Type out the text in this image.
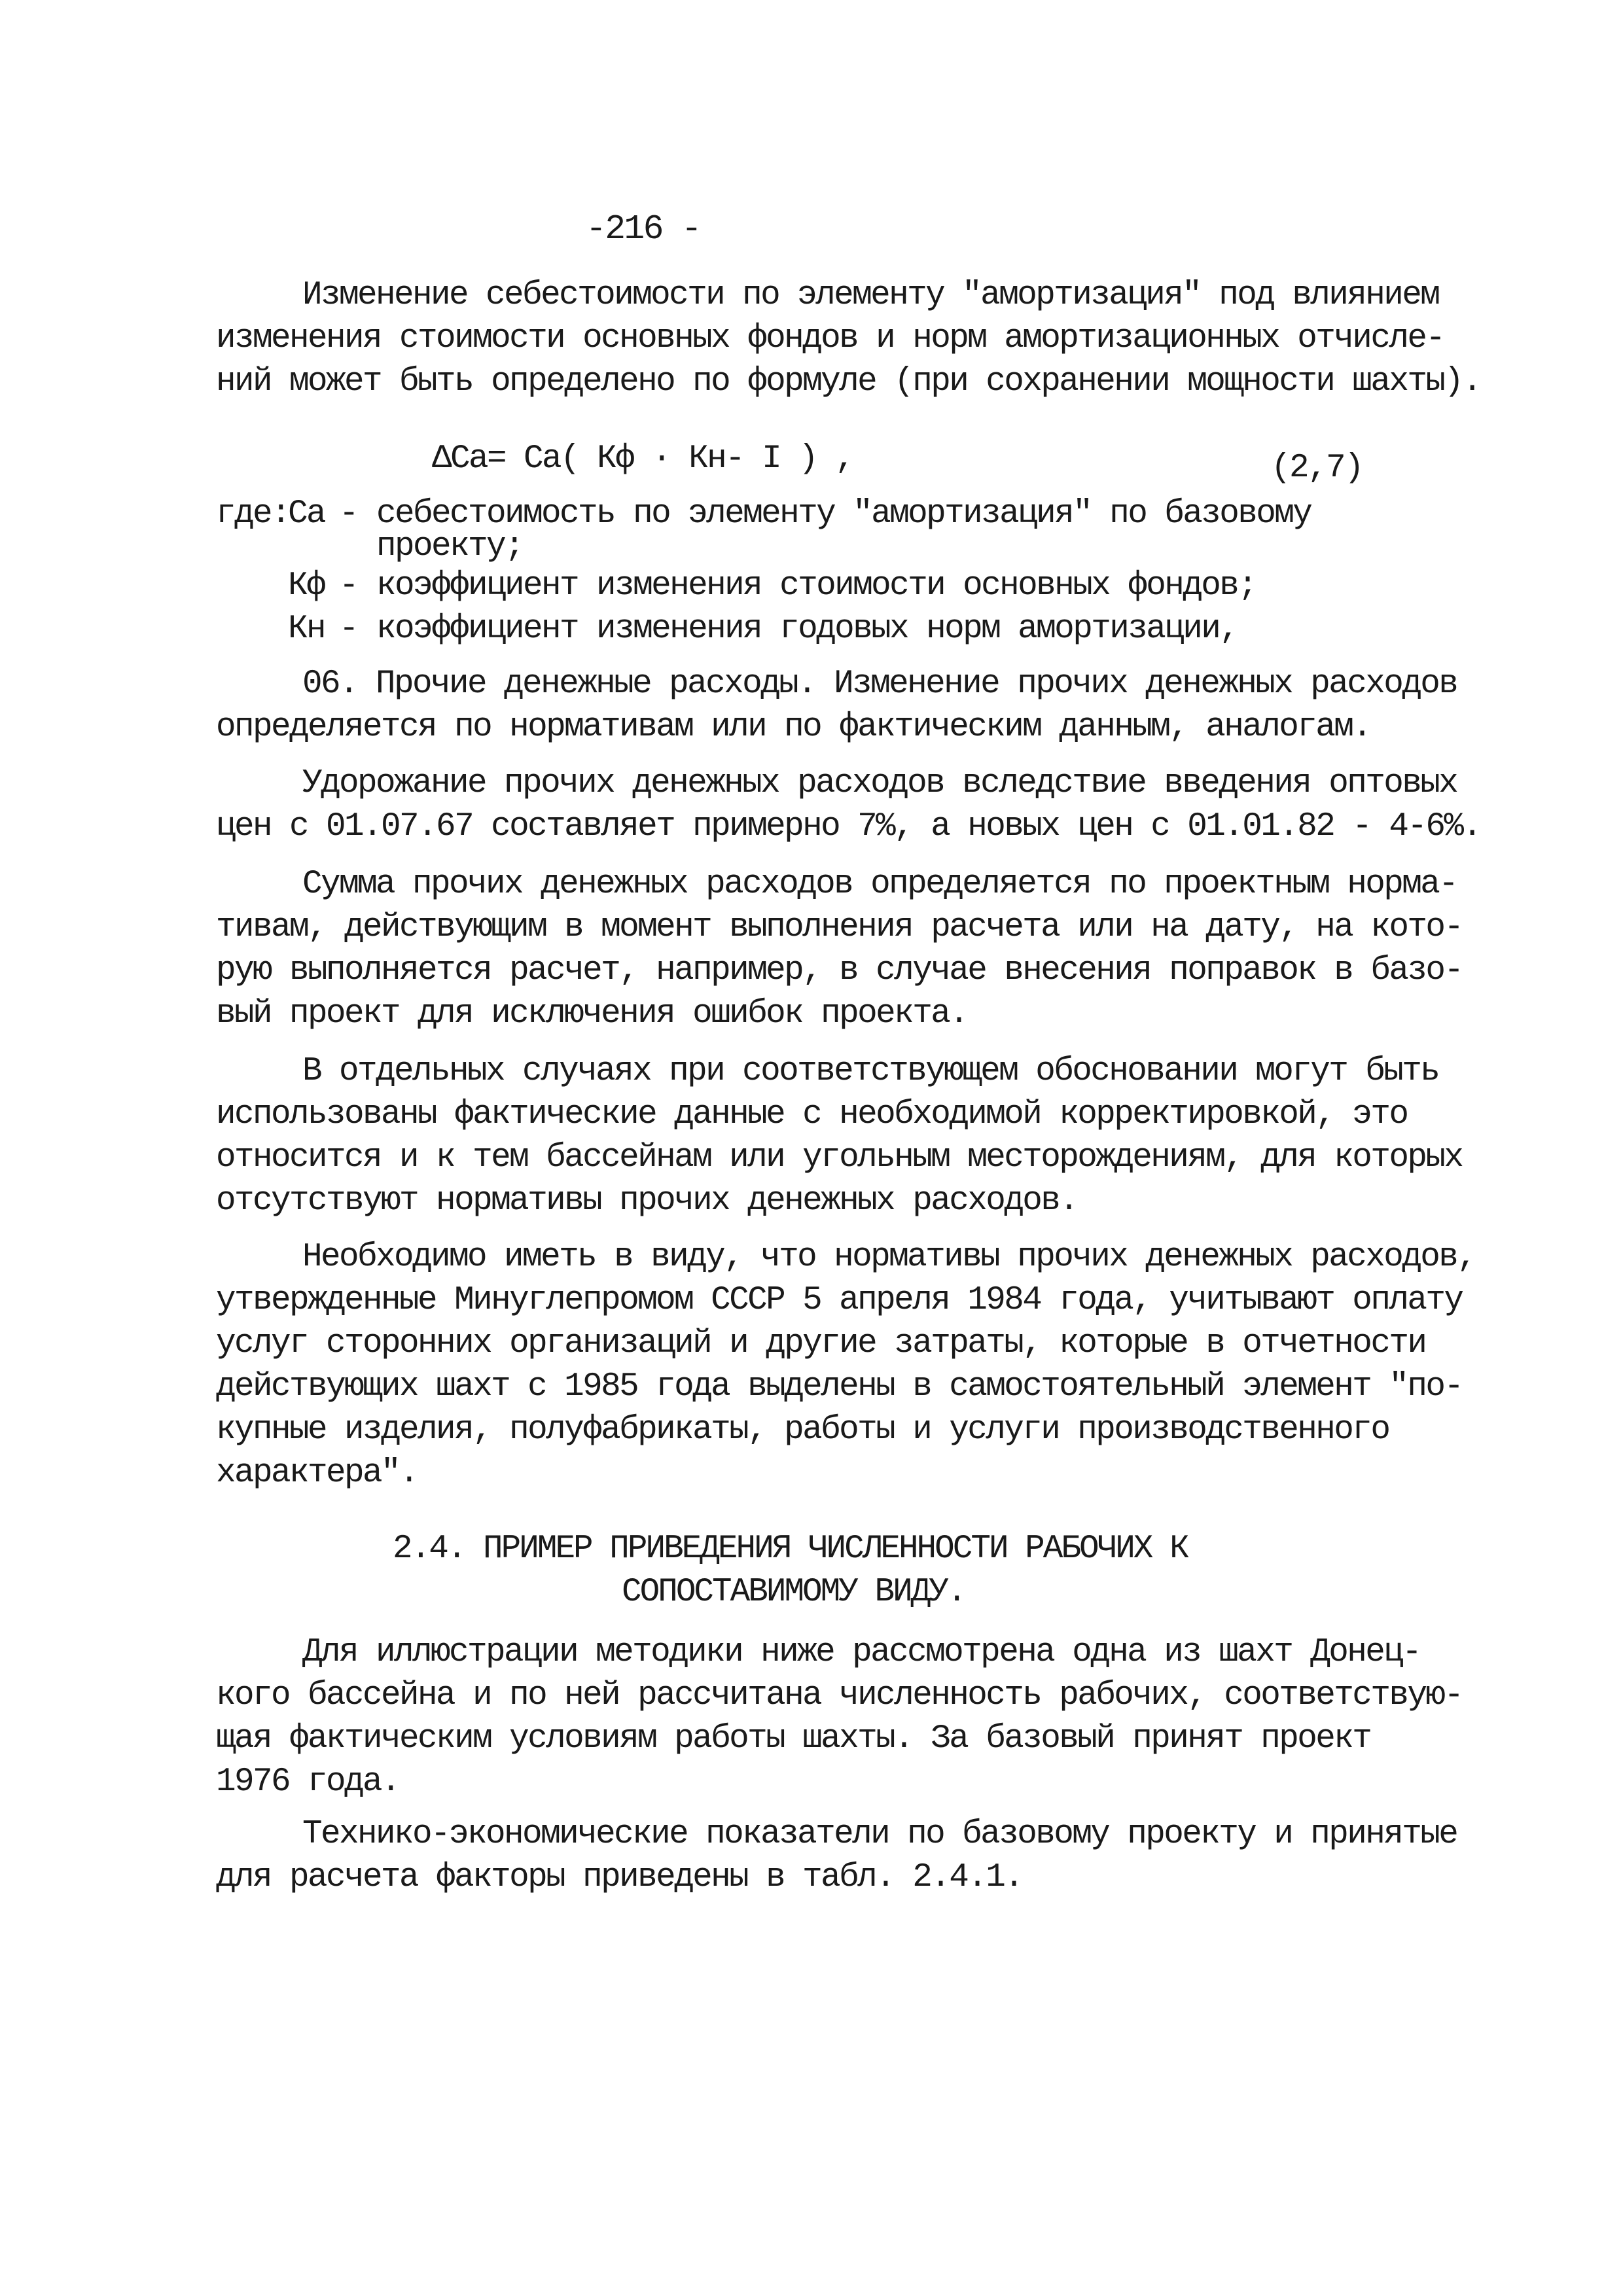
-216 -
Изменение себестоимости по элементу "амортизация" под влиянием
изменения стоимости основных фондов и норм амортизационных отчисле-
ний может быть определено по формуле (при сохранении мощности шахты).
ΔCa= Ca( Кф · Кн- I ) ,	(2,7)
где:
Ca - себестоимость по элементу "амортизация" по базовому
проекту;
Кф - коэффициент изменения стоимости основных фондов;
Кн - коэффициент изменения годовых норм амортизации,
06. Прочие денежные расходы. Изменение прочих денежных расходов
определяется по нормативам или по фактическим данным, аналогам.
Удорожание прочих денежных расходов вследствие введения оптовых
цен с 01.07.67 составляет примерно 7%, а новых цен с 01.01.82 - 4-6%.
Сумма прочих денежных расходов определяется по проектным норма-
тивам, действующим в момент выполнения расчета или на дату, на кото-
рую выполняется расчет, например, в случае внесения поправок в базо-
вый проект для исключения ошибок проекта.
В отдельных случаях при соответствующем обосновании могут быть
использованы фактические данные с необходимой корректировкой, это
относится и к тем бассейнам или угольным месторождениям, для которых
отсутствуют нормативы прочих денежных расходов.
Необходимо иметь в виду, что нормативы прочих денежных расходов,
утвержденные Минуглепромом СССР 5 апреля 1984 года, учитывают оплату
услуг сторонних организаций и другие затраты, которые в отчетности
действующих шахт с 1985 года выделены в самостоятельный элемент "по-
купные изделия, полуфабрикаты, работы и услуги производственного
характера".
2.4. ПРИМЕР ПРИВЕДЕНИЯ ЧИСЛЕННОСТИ РАБОЧИХ К
СОПОСТАВИМОМУ ВИДУ.
Для иллюстрации методики ниже рассмотрена одна из шахт Донец-
кого бассейна и по ней рассчитана численность рабочих, соответствую-
щая фактическим условиям работы шахты. За базовый принят проект
1976 года.
Технико-экономические показатели по базовому проекту и принятые
для расчета факторы приведены в табл. 2.4.1.
